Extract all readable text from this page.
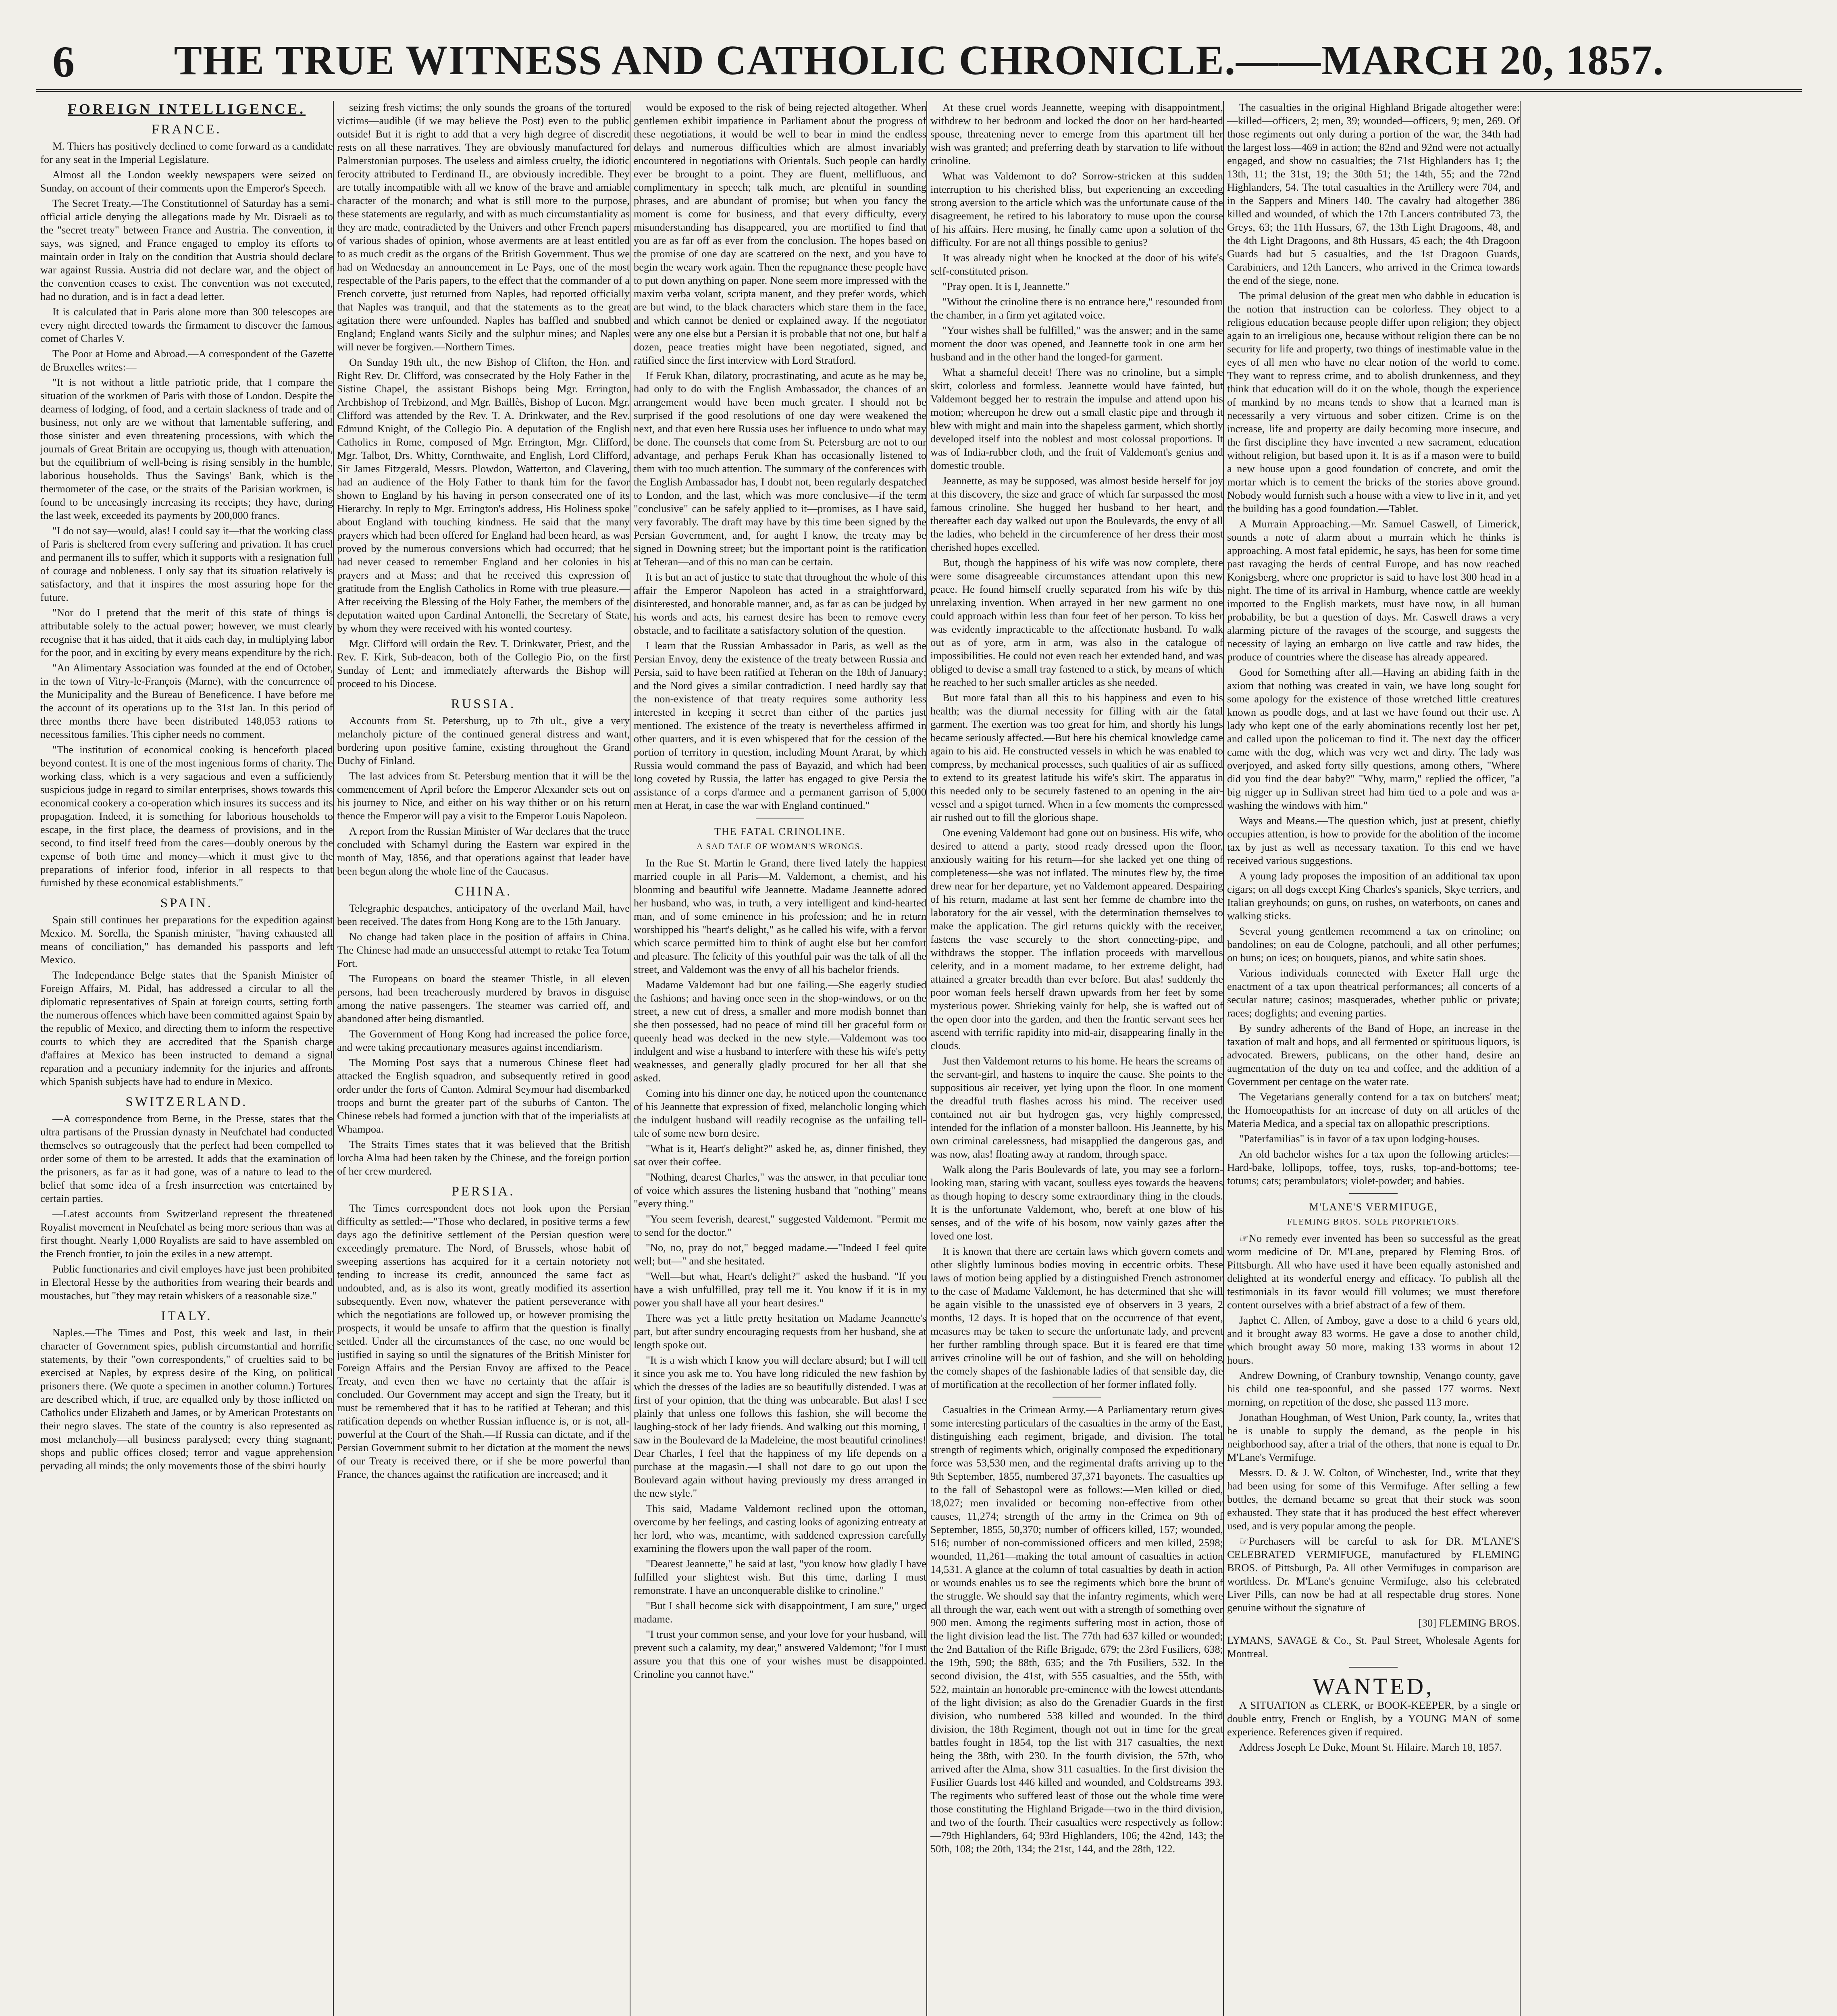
6	THE TRUE WITNESS AND CATHOLIC CHRONICLE.——MARCH 20, 1857.
FOREIGN INTELLIGENCE.
FRANCE.

M. Thiers has positively declined to come forward as a candidate for any seat in the Imperial Legislature.

Almost all the London weekly newspapers were seized on Sunday, on account of their comments upon the Emperor's Speech.

The Secret Treaty.—The Constitutionnel of Saturday has a semi-official article denying the allegations made by Mr. Disraeli as to the "secret treaty" between France and Austria. The convention, it says, was signed, and France engaged to employ its efforts to maintain order in Italy on the condition that Austria should declare war against Russia. Austria did not declare war, and the object of the convention ceases to exist. The convention was not executed, had no duration, and is in fact a dead letter.

It is calculated that in Paris alone more than 300 telescopes are every night directed towards the firmament to discover the famous comet of Charles V.

The Poor at Home and Abroad.—A correspondent of the Gazette de Bruxelles writes:—

"It is not without a little patriotic pride, that I compare the situation of the workmen of Paris with those of London. Despite the dearness of lodging, of food, and a certain slackness of trade and of business, not only are we without that lamentable suffering, and those sinister and even threatening processions, with which the journals of Great Britain are occupying us, though with attenuation, but the equilibrium of well-being is rising sensibly in the humble, laborious households. Thus the Savings' Bank, which is the thermometer of the case, or the straits of the Parisian workmen, is found to be unceasingly increasing its receipts; they have, during the last week, exceeded its payments by 200,000 francs.

"I do not say—would, alas! I could say it—that the working class of Paris is sheltered from every suffering and privation. It has cruel and permanent ills to suffer, which it supports with a resignation full of courage and nobleness. I only say that its situation relatively is satisfactory, and that it inspires the most assuring hope for the future.

"Nor do I pretend that the merit of this state of things is attributable solely to the actual power; however, we must clearly recognise that it has aided, that it aids each day, in multiplying labor for the poor, and in exciting by every means expenditure by the rich.

"An Alimentary Association was founded at the end of October, in the town of Vitry-le-François (Marne), with the concurrence of the Municipality and the Bureau of Beneficence. I have before me the account of its operations up to the 31st Jan. In this period of three months there have been distributed 148,053 rations to necessitous families. This cipher needs no comment.

"The institution of economical cooking is henceforth placed beyond contest. It is one of the most ingenious forms of charity. The working class, which is a very sagacious and even a sufficiently suspicious judge in regard to similar enterprises, shows towards this economical cookery a co-operation which insures its success and its propagation. Indeed, it is something for laborious households to escape, in the first place, the dearness of provisions, and in the second, to find itself freed from the cares—doubly onerous by the expense of both time and money—which it must give to the preparations of inferior food, inferior in all respects to that furnished by these economical establishments."

SPAIN.

Spain still continues her preparations for the expedition against Mexico. M. Sorella, the Spanish minister, "having exhausted all means of conciliation," has demanded his passports and left Mexico.

The Independance Belge states that the Spanish Minister of Foreign Affairs, M. Pidal, has addressed a circular to all the diplomatic representatives of Spain at foreign courts, setting forth the numerous offences which have been committed against Spain by the republic of Mexico, and directing them to inform the respective courts to which they are accredited that the Spanish charge d'affaires at Mexico has been instructed to demand a signal reparation and a pecuniary indemnity for the injuries and affronts which Spanish subjects have had to endure in Mexico.

SWITZERLAND.

—A correspondence from Berne, in the Presse, states that the ultra partisans of the Prussian dynasty in Neufchatel had conducted themselves so outrageously that the perfect had been compelled to order some of them to be arrested. It adds that the examination of the prisoners, as far as it had gone, was of a nature to lead to the belief that some idea of a fresh insurrection was entertained by certain parties.

—Latest accounts from Switzerland represent the threatened Royalist movement in Neufchatel as being more serious than was at first thought. Nearly 1,000 Royalists are said to have assembled on the French frontier, to join the exiles in a new attempt.

Public functionaries and civil employes have just been prohibited in Electoral Hesse by the authorities from wearing their beards and moustaches, but "they may retain whiskers of a reasonable size."

ITALY.

Naples.—The Times and Post, this week and last, in their character of Government spies, publish circumstantial and horrific statements, by their "own correspondents," of cruelties said to be exercised at Naples, by express desire of the King, on political prisoners there. (We quote a specimen in another column.) Tortures are described which, if true, are equalled only by those inflicted on Catholics under Elizabeth and James, or by American Protestants on their negro slaves. The state of the country is also represented as most melancholy—all business paralysed; every thing stagnant; shops and public offices closed; terror and vague apprehension pervading all minds; the only movements those of the sbirri hourly

seizing fresh victims; the only sounds the groans of the tortured victims—audible (if we may believe the Post) even to the public outside! But it is right to add that a very high degree of discredit rests on all these narratives. They are obviously manufactured for Palmerstonian purposes. The useless and aimless cruelty, the idiotic ferocity attributed to Ferdinand II., are obviously incredible. They are totally incompatible with all we know of the brave and amiable character of the monarch; and what is still more to the purpose, these statements are regularly, and with as much circumstantiality as they are made, contradicted by the Univers and other French papers of various shades of opinion, whose averments are at least entitled to as much credit as the organs of the British Government. Thus we had on Wednesday an announcement in Le Pays, one of the most respectable of the Paris papers, to the effect that the commander of a French corvette, just returned from Naples, had reported officially that Naples was tranquil, and that the statements as to the great agitation there were unfounded. Naples has baffled and snubbed England; England wants Sicily and the sulphur mines; and Naples will never be forgiven.—Northern Times.

On Sunday 19th ult., the new Bishop of Clifton, the Hon. and Right Rev. Dr. Clifford, was consecrated by the Holy Father in the Sistine Chapel, the assistant Bishops being Mgr. Errington, Archbishop of Trebizond, and Mgr. Baillès, Bishop of Lucon. Mgr. Clifford was attended by the Rev. T. A. Drinkwater, and the Rev. Edmund Knight, of the Collegio Pio. A deputation of the English Catholics in Rome, composed of Mgr. Errington, Mgr. Clifford, Mgr. Talbot, Drs. Whitty, Cornthwaite, and English, Lord Clifford, Sir James Fitzgerald, Messrs. Plowdon, Watterton, and Clavering, had an audience of the Holy Father to thank him for the favor shown to England by his having in person consecrated one of its Hierarchy. In reply to Mgr. Errington's address, His Holiness spoke about England with touching kindness. He said that the many prayers which had been offered for England had been heard, as was proved by the numerous conversions which had occurred; that he had never ceased to remember England and her colonies in his prayers and at Mass; and that he received this expression of gratitude from the English Catholics in Rome with true pleasure.—After receiving the Blessing of the Holy Father, the members of the deputation waited upon Cardinal Antonelli, the Secretary of State, by whom they were received with his wonted courtesy.

Mgr. Clifford will ordain the Rev. T. Drinkwater, Priest, and the Rev. F. Kirk, Sub-deacon, both of the Collegio Pio, on the first Sunday of Lent; and immediately afterwards the Bishop will proceed to his Diocese.

RUSSIA.

Accounts from St. Petersburg, up to 7th ult., give a very melancholy picture of the continued general distress and want, bordering upon positive famine, existing throughout the Grand Duchy of Finland.

The last advices from St. Petersburg mention that it will be the commencement of April before the Emperor Alexander sets out on his journey to Nice, and either on his way thither or on his return thence the Emperor will pay a visit to the Emperor Louis Napoleon.

A report from the Russian Minister of War declares that the truce concluded with Schamyl during the Eastern war expired in the month of May, 1856, and that operations against that leader have been begun along the whole line of the Caucasus.

CHINA.

Telegraphic despatches, anticipatory of the overland Mail, have been received. The dates from Hong Kong are to the 15th January.

No change had taken place in the position of affairs in China. The Chinese had made an unsuccessful attempt to retake Tea Totum Fort.

The Europeans on board the steamer Thistle, in all eleven persons, had been treacherously murdered by bravos in disguise among the native passengers. The steamer was carried off, and abandoned after being dismantled.

The Government of Hong Kong had increased the police force, and were taking precautionary measures against incendiarism.

The Morning Post says that a numerous Chinese fleet had attacked the English squadron, and subsequently retired in good order under the forts of Canton. Admiral Seymour had disembarked troops and burnt the greater part of the suburbs of Canton. The Chinese rebels had formed a junction with that of the imperialists at Whampoa.

The Straits Times states that it was believed that the British lorcha Alma had been taken by the Chinese, and the foreign portion of her crew murdered.

PERSIA.

The Times correspondent does not look upon the Persian difficulty as settled:—"Those who declared, in positive terms a few days ago the definitive settlement of the Persian question were exceedingly premature. The Nord, of Brussels, whose habit of sweeping assertions has acquired for it a certain notoriety not tending to increase its credit, announced the same fact as undoubted, and, as is also its wont, greatly modified its assertion subsequently. Even now, whatever the patient perseverance with which the negotiations are followed up, or however promising the prospects, it would be unsafe to affirm that the question is finally settled. Under all the circumstances of the case, no one would be justified in saying so until the signatures of the British Minister for Foreign Affairs and the Persian Envoy are affixed to the Peace Treaty, and even then we have no certainty that the affair is concluded. Our Government may accept and sign the Treaty, but it must be remembered that it has to be ratified at Teheran; and this ratification depends on whether Russian influence is, or is not, all-powerful at the Court of the Shah.—If Russia can dictate, and if the Persian Government submit to her dictation at the moment the news of our Treaty is received there, or if she be more powerful than France, the chances against the ratification are increased; and it

would be exposed to the risk of being rejected altogether. When gentlemen exhibit impatience in Parliament about the progress of these negotiations, it would be well to bear in mind the endless delays and numerous difficulties which are almost invariably encountered in negotiations with Orientals. Such people can hardly ever be brought to a point. They are fluent, mellifluous, and complimentary in speech; talk much, are plentiful in sounding phrases, and are abundant of promise; but when you fancy the moment is come for business, and that every difficulty, every misunderstanding has disappeared, you are mortified to find that you are as far off as ever from the conclusion. The hopes based on the promise of one day are scattered on the next, and you have to begin the weary work again. Then the repugnance these people have to put down anything on paper. None seem more impressed with the maxim verba volant, scripta manent, and they prefer words, which are but wind, to the black characters which stare them in the face, and which cannot be denied or explained away. If the negotiator were any one else but a Persian it is probable that not one, but half a dozen, peace treaties might have been negotiated, signed, and ratified since the first interview with Lord Stratford.

If Feruk Khan, dilatory, procrastinating, and acute as he may be, had only to do with the English Ambassador, the chances of an arrangement would have been much greater. I should not be surprised if the good resolutions of one day were weakened the next, and that even here Russia uses her influence to undo what may be done. The counsels that come from St. Petersburg are not to our advantage, and perhaps Feruk Khan has occasionally listened to them with too much attention. The summary of the conferences with the English Ambassador has, I doubt not, been regularly despatched to London, and the last, which was more conclusive—if the term "conclusive" can be safely applied to it—promises, as I have said, very favorably. The draft may have by this time been signed by the Persian Government, and, for aught I know, the treaty may be signed in Downing street; but the important point is the ratification at Teheran—and of this no man can be certain.

It is but an act of justice to state that throughout the whole of this affair the Emperor Napoleon has acted in a straightforward, disinterested, and honorable manner, and, as far as can be judged by his words and acts, his earnest desire has been to remove every obstacle, and to facilitate a satisfactory solution of the question.

I learn that the Russian Ambassador in Paris, as well as the Persian Envoy, deny the existence of the treaty between Russia and Persia, said to have been ratified at Teheran on the 18th of January; and the Nord gives a similar contradiction. I need hardly say that the non-existence of that treaty requires some authority less interested in keeping it secret than either of the parties just mentioned. The existence of the treaty is nevertheless affirmed in other quarters, and it is even whispered that for the cession of the portion of territory in question, including Mount Ararat, by which Russia would command the pass of Bayazid, and which had been long coveted by Russia, the latter has engaged to give Persia the assistance of a corps d'armee and a permanent garrison of 5,000 men at Herat, in case the war with England continued."

THE FATAL CRINOLINE.
A SAD TALE OF WOMAN'S WRONGS.

In the Rue St. Martin le Grand, there lived lately the happiest married couple in all Paris—M. Valdemont, a chemist, and his blooming and beautiful wife Jeannette. Madame Jeannette adored her husband, who was, in truth, a very intelligent and kind-hearted man, and of some eminence in his profession; and he in return worshipped his "heart's delight," as he called his wife, with a fervor which scarce permitted him to think of aught else but her comfort and pleasure. The felicity of this youthful pair was the talk of all the street, and Valdemont was the envy of all his bachelor friends.

Madame Valdemont had but one failing.—She eagerly studied the fashions; and having once seen in the shop-windows, or on the street, a new cut of dress, a smaller and more modish bonnet than she then possessed, had no peace of mind till her graceful form or queenly head was decked in the new style.—Valdemont was too indulgent and wise a husband to interfere with these his wife's petty weaknesses, and generally gladly procured for her all that she asked.

Coming into his dinner one day, he noticed upon the countenance of his Jeannette that expression of fixed, melancholic longing which the indulgent husband will readily recognise as the unfailing tell-tale of some new born desire.

"What is it, Heart's delight?" asked he, as, dinner finished, they sat over their coffee.

"Nothing, dearest Charles," was the answer, in that peculiar tone of voice which assures the listening husband that "nothing" means "every thing."

"You seem feverish, dearest," suggested Valdemont. "Permit me to send for the doctor."

"No, no, pray do not," begged madame.—"Indeed I feel quite well; but—" and she hesitated.

"Well—but what, Heart's delight?" asked the husband. "If you have a wish unfulfilled, pray tell me it. You know if it is in my power you shall have all your heart desires."

There was yet a little pretty hesitation on Madame Jeannette's part, but after sundry encouraging requests from her husband, she at length spoke out.

"It is a wish which I know you will declare absurd; but I will tell it since you ask me to. You have long ridiculed the new fashion by which the dresses of the ladies are so beautifully distended. I was at first of your opinion, that the thing was unbearable. But alas! I see plainly that unless one follows this fashion, she will become the laughing-stock of her lady friends. And walking out this morning, I saw in the Boulevard de la Madeleine, the most beautiful crinolines! Dear Charles, I feel that the happiness of my life depends on a purchase at the magasin.—I shall not dare to go out upon the Boulevard again without having previously my dress arranged in the new style."

This said, Madame Valdemont reclined upon the ottoman, overcome by her feelings, and casting looks of agonizing entreaty at her lord, who was, meantime, with saddened expression carefully examining the flowers upon the wall paper of the room.

"Dearest Jeannette," he said at last, "you know how gladly I have fulfilled your slightest wish. But this time, darling I must remonstrate. I have an unconquerable dislike to crinoline."

"But I shall become sick with disappointment, I am sure," urged madame.

"I trust your common sense, and your love for your husband, will prevent such a calamity, my dear," answered Valdemont; "for I must assure you that this one of your wishes must be disappointed. Crinoline you cannot have."

At these cruel words Jeannette, weeping with disappointment, withdrew to her bedroom and locked the door on her hard-hearted spouse, threatening never to emerge from this apartment till her wish was granted; and preferring death by starvation to life without crinoline.

What was Valdemont to do? Sorrow-stricken at this sudden interruption to his cherished bliss, but experiencing an exceeding strong aversion to the article which was the unfortunate cause of the disagreement, he retired to his laboratory to muse upon the course of his affairs. Here musing, he finally came upon a solution of the difficulty. For are not all things possible to genius?

It was already night when he knocked at the door of his wife's self-constituted prison.

"Pray open. It is I, Jeannette."

"Without the crinoline there is no entrance here," resounded from the chamber, in a firm yet agitated voice.

"Your wishes shall be fulfilled," was the answer; and in the same moment the door was opened, and Jeannette took in one arm her husband and in the other hand the longed-for garment.

What a shameful deceit! There was no crinoline, but a simple skirt, colorless and formless. Jeannette would have fainted, but Valdemont begged her to restrain the impulse and attend upon his motion; whereupon he drew out a small elastic pipe and through it blew with might and main into the shapeless garment, which shortly developed itself into the noblest and most colossal proportions. It was of India-rubber cloth, and the fruit of Valdemont's genius and domestic trouble.

Jeannette, as may be supposed, was almost beside herself for joy at this discovery, the size and grace of which far surpassed the most famous crinoline. She hugged her husband to her heart, and thereafter each day walked out upon the Boulevards, the envy of all the ladies, who beheld in the circumference of her dress their most cherished hopes excelled.

But, though the happiness of his wife was now complete, there were some disagreeable circumstances attendant upon this new peace. He found himself cruelly separated from his wife by this unrelaxing invention. When arrayed in her new garment no one could approach within less than four feet of her person. To kiss her was evidently impracticable to the affectionate husband. To walk out as of yore, arm in arm, was also in the catalogue of impossibilities. He could not even reach her extended hand, and was obliged to devise a small tray fastened to a stick, by means of which he reached to her such smaller articles as she needed.

But more fatal than all this to his happiness and even to his health; was the diurnal necessity for filling with air the fatal garment. The exertion was too great for him, and shortly his lungs became seriously affected.—But here his chemical knowledge came again to his aid. He constructed vessels in which he was enabled to compress, by mechanical processes, such qualities of air as sufficed to extend to its greatest latitude his wife's skirt. The apparatus in this needed only to be securely fastened to an opening in the air-vessel and a spigot turned. When in a few moments the compressed air rushed out to fill the glorious shape.

One evening Valdemont had gone out on business. His wife, who desired to attend a party, stood ready dressed upon the floor, anxiously waiting for his return—for she lacked yet one thing of completeness—she was not inflated. The minutes flew by, the time drew near for her departure, yet no Valdemont appeared. Despairing of his return, madame at last sent her femme de chambre into the laboratory for the air vessel, with the determination themselves to make the application. The girl returns quickly with the receiver, fastens the vase securely to the short connecting-pipe, and withdraws the stopper. The inflation proceeds with marvellous celerity, and in a moment madame, to her extreme delight, had attained a greater breadth than ever before. But alas! suddenly the poor woman feels herself drawn upwards from her feet by some mysterious power. Shrieking vainly for help, she is wafted out of the open door into the garden, and then the frantic servant sees her ascend with terrific rapidity into mid-air, disappearing finally in the clouds.

Just then Valdemont returns to his home. He hears the screams of the servant-girl, and hastens to inquire the cause. She points to the suppositious air receiver, yet lying upon the floor. In one moment the dreadful truth flashes across his mind. The receiver used contained not air but hydrogen gas, very highly compressed, intended for the inflation of a monster balloon. His Jeannette, by his own criminal carelessness, had misapplied the dangerous gas, and was now, alas! floating away at random, through space.

Walk along the Paris Boulevards of late, you may see a forlorn-looking man, staring with vacant, soulless eyes towards the heavens as though hoping to descry some extraordinary thing in the clouds. It is the unfortunate Valdemont, who, bereft at one blow of his senses, and of the wife of his bosom, now vainly gazes after the loved one lost.

It is known that there are certain laws which govern comets and other slightly luminous bodies moving in eccentric orbits. These laws of motion being applied by a distinguished French astronomer to the case of Madame Valdemont, he has determined that she will be again visible to the unassisted eye of observers in 3 years, 2 months, 12 days. It is hoped that on the occurrence of that event, measures may be taken to secure the unfortunate lady, and prevent her further rambling through space. But it is feared ere that time arrives crinoline will be out of fashion, and she will on beholding the comely shapes of the fashionable ladies of that sensible day, die of mortification at the recollection of her former inflated folly.

Casualties in the Crimean Army.—A Parliamentary return gives some interesting particulars of the casualties in the army of the East, distinguishing each regiment, brigade, and division. The total strength of regiments which, originally composed the expeditionary force was 53,530 men, and the regimental drafts arriving up to the 9th September, 1855, numbered 37,371 bayonets. The casualties up to the fall of Sebastopol were as follows:—Men killed or died, 18,027; men invalided or becoming non-effective from other causes, 11,274; strength of the army in the Crimea on 9th of September, 1855, 50,370; number of officers killed, 157; wounded, 516; number of non-commissioned officers and men killed, 2598; wounded, 11,261—making the total amount of casualties in action 14,531. A glance at the column of total casualties by death in action or wounds enables us to see the regiments which bore the brunt of the struggle. We should say that the infantry regiments, which were all through the war, each went out with a strength of something over 900 men. Among the regiments suffering most in action, those of the light division lead the list. The 77th had 637 killed or wounded; the 2nd Battalion of the Rifle Brigade, 679; the 23rd Fusiliers, 638; the 19th, 590; the 88th, 635; and the 7th Fusiliers, 532. In the second division, the 41st, with 555 casualties, and the 55th, with 522, maintain an honorable pre-eminence with the lowest attendants of the light division; as also do the Grenadier Guards in the first division, who numbered 538 killed and wounded. In the third division, the 18th Regiment, though not out in time for the great battles fought in 1854, top the list with 317 casualties, the next being the 38th, with 230. In the fourth division, the 57th, who arrived after the Alma, show 311 casualties. In the first division the Fusilier Guards lost 446 killed and wounded, and Coldstreams 393. The regiments who suffered least of those out the whole time were those constituting the Highland Brigade—two in the third division, and two of the fourth. Their casualties were respectively as follow:—79th Highlanders, 64; 93rd Highlanders, 106; the 42nd, 143; the 50th, 108; the 20th, 134; the 21st, 144, and the 28th, 122.

The casualties in the original Highland Brigade altogether were:—killed—officers, 2; men, 39; wounded—officers, 9; men, 269. Of those regiments out only during a portion of the war, the 34th had the largest loss—469 in action; the 82nd and 92nd were not actually engaged, and show no casualties; the 71st Highlanders has 1; the 13th, 11; the 31st, 19; the 30th 51; the 14th, 55; and the 72nd Highlanders, 54. The total casualties in the Artillery were 704, and in the Sappers and Miners 140. The cavalry had altogether 386 killed and wounded, of which the 17th Lancers contributed 73, the Greys, 63; the 11th Hussars, 67, the 13th Light Dragoons, 48, and the 4th Light Dragoons, and 8th Hussars, 45 each; the 4th Dragoon Guards had but 5 casualties, and the 1st Dragoon Guards, Carabiniers, and 12th Lancers, who arrived in the Crimea towards the end of the siege, none.

The primal delusion of the great men who dabble in education is the notion that instruction can be colorless. They object to a religious education because people differ upon religion; they object again to an irreligious one, because without religion there can be no security for life and property, two things of inestimable value in the eyes of all men who have no clear notion of the world to come. They want to repress crime, and to abolish drunkenness, and they think that education will do it on the whole, though the experience of mankind by no means tends to show that a learned man is necessarily a very virtuous and sober citizen. Crime is on the increase, life and property are daily becoming more insecure, and the first discipline they have invented a new sacrament, education without religion, but based upon it. It is as if a mason were to build a new house upon a good foundation of concrete, and omit the mortar which is to cement the bricks of the stories above ground. Nobody would furnish such a house with a view to live in it, and yet the building has a good foundation.—Tablet.

A Murrain Approaching.—Mr. Samuel Caswell, of Limerick, sounds a note of alarm about a murrain which he thinks is approaching. A most fatal epidemic, he says, has been for some time past ravaging the herds of central Europe, and has now reached Konigsberg, where one proprietor is said to have lost 300 head in a night. The time of its arrival in Hamburg, whence cattle are weekly imported to the English markets, must have now, in all human probability, be but a question of days. Mr. Caswell draws a very alarming picture of the ravages of the scourge, and suggests the necessity of laying an embargo on live cattle and raw hides, the produce of countries where the disease has already appeared.

Good for Something after all.—Having an abiding faith in the axiom that nothing was created in vain, we have long sought for some apology for the existence of those wretched little creatures known as poodle dogs, and at last we have found out their use. A lady who kept one of the early abominations recently lost her pet, and called upon the policeman to find it. The next day the officer came with the dog, which was very wet and dirty. The lady was overjoyed, and asked forty silly questions, among others, "Where did you find the dear baby?" "Why, marm," replied the officer, "a big nigger up in Sullivan street had him tied to a pole and was a-washing the windows with him."

Ways and Means.—The question which, just at present, chiefly occupies attention, is how to provide for the abolition of the income tax by just as well as necessary taxation. To this end we have received various suggestions.

A young lady proposes the imposition of an additional tax upon cigars; on all dogs except King Charles's spaniels, Skye terriers, and Italian greyhounds; on guns, on rushes, on waterboots, on canes and walking sticks.

Several young gentlemen recommend a tax on crinoline; on bandolines; on eau de Cologne, patchouli, and all other perfumes; on buns; on ices; on bouquets, pianos, and white satin shoes.

Various individuals connected with Exeter Hall urge the enactment of a tax upon theatrical performances; all concerts of a secular nature; casinos; masquerades, whether public or private; races; dogfights; and evening parties.

By sundry adherents of the Band of Hope, an increase in the taxation of malt and hops, and all fermented or spirituous liquors, is advocated. Brewers, publicans, on the other hand, desire an augmentation of the duty on tea and coffee, and the addition of a Government per centage on the water rate.

The Vegetarians generally contend for a tax on butchers' meat; the Homoeopathists for an increase of duty on all articles of the Materia Medica, and a special tax on allopathic prescriptions.

"Paterfamilias" is in favor of a tax upon lodging-houses.

An old bachelor wishes for a tax upon the following articles:—Hard-bake, lollipops, toffee, toys, rusks, top-and-bottoms; tee-totums; cats; perambulators; violet-powder; and babies.

M'LANE'S VERMIFUGE,
FLEMING BROS. SOLE PROPRIETORS.

☞No remedy ever invented has been so successful as the great worm medicine of Dr. M'Lane, prepared by Fleming Bros. of Pittsburgh. All who have used it have been equally astonished and delighted at its wonderful energy and efficacy. To publish all the testimonials in its favor would fill volumes; we must therefore content ourselves with a brief abstract of a few of them.

Japhet C. Allen, of Amboy, gave a dose to a child 6 years old, and it brought away 83 worms. He gave a dose to another child, which brought away 50 more, making 133 worms in about 12 hours.

Andrew Downing, of Cranbury township, Venango county, gave his child one tea-spoonful, and she passed 177 worms. Next morning, on repetition of the dose, she passed 113 more.

Jonathan Houghman, of West Union, Park county, Ia., writes that he is unable to supply the demand, as the people in his neighborhood say, after a trial of the others, that none is equal to Dr. M'Lane's Vermifuge.

Messrs. D. & J. W. Colton, of Winchester, Ind., write that they had been using for some of this Vermifuge. After selling a few bottles, the demand became so great that their stock was soon exhausted. They state that it has produced the best effect wherever used, and is very popular among the people.

☞Purchasers will be careful to ask for DR. M'LANE'S CELEBRATED VERMIFUGE, manufactured by FLEMING BROS. of Pittsburgh, Pa. All other Vermifuges in comparison are worthless. Dr. M'Lane's genuine Vermifuge, also his celebrated Liver Pills, can now be had at all respectable drug stores. None genuine without the signature of

[30] FLEMING BROS.
LYMANS, SAVAGE & Co., St. Paul Street, Wholesale Agents for Montreal.
WANTED,

A SITUATION as CLERK, or BOOK-KEEPER, by a single or double entry, French or English, by a YOUNG MAN of some experience. References given if required.

Address Joseph Le Duke, Mount St. Hilaire. March 18, 1857.
